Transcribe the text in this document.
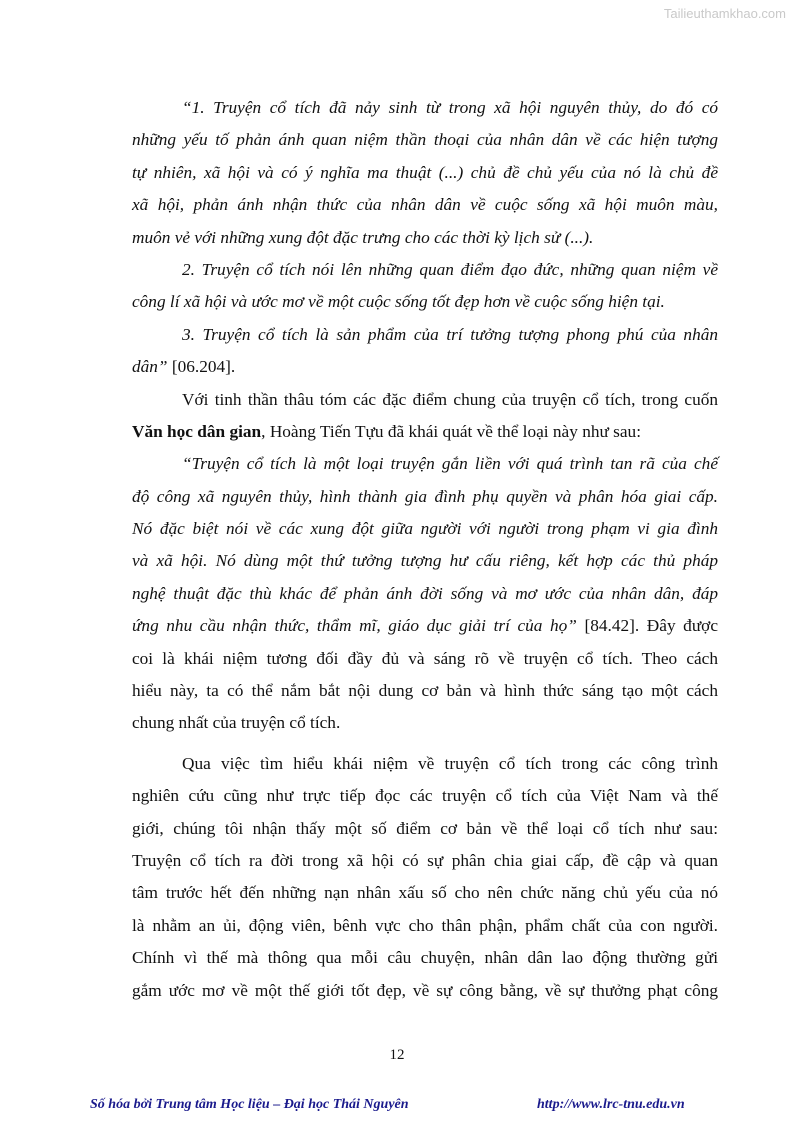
Tailieuthamkhao.com
“1. Truyện cổ tích đã nảy sinh từ trong xã hội nguyên thủy, do đó có
những yếu tố phản ánh quan niệm thần thoại của nhân dân về các hiện tượng
tự nhiên, xã hội và có ý nghĩa ma thuật (...) chủ đề chủ yếu của nó là chủ đề
xã hội, phản ánh nhận thức của nhân dân về cuộc sống xã hội muôn màu,
muôn vẻ với những xung đột đặc trưng cho các thời kỳ lịch sử (...).
2. Truyện cổ tích nói lên những quan điểm đạo đức, những quan niệm về
công lí xã hội và ước mơ về một cuộc sống tốt đẹp hơn về cuộc sống hiện tại.
3. Truyện cổ tích là sản phẩm của trí tưởng tượng phong phú của nhân
dân” [06.204].
Với tinh thần thâu tóm các đặc điểm chung của truyện cổ tích, trong cuốn
Văn học dân gian, Hoàng Tiến Tựu đã khái quát về thể loại này như sau:
“Truyện cổ tích là một loại truyện gắn liền với quá trình tan rã của chế
độ công xã nguyên thủy, hình thành gia đình phụ quyền và phân hóa giai cấp.
Nó đặc biệt nói về các xung đột giữa người với người trong phạm vi gia đình
và xã hội. Nó dùng một thứ tưởng tượng hư cấu riêng, kết hợp các thủ pháp
nghệ thuật đặc thù khác để phản ánh đời sống và mơ ước của nhân dân, đáp
ứng nhu cầu nhận thức, thẩm mĩ, giáo dục giải trí của họ” [84.42]. Đây được
coi là khái niệm tương đối đầy đủ và sáng rõ về truyện cổ tích. Theo cách
hiểu này, ta có thể nắm bắt nội dung cơ bản và hình thức sáng tạo một cách
chung nhất của truyện cổ tích.
Qua việc tìm hiểu khái niệm về truyện cổ tích trong các công trình
nghiên cứu cũng như trực tiếp đọc các truyện cổ tích của Việt Nam và thế
giới, chúng tôi nhận thấy một số điểm cơ bản về thể loại cổ tích như sau:
Truyện cổ tích ra đời trong xã hội có sự phân chia giai cấp, đề cập và quan
tâm trước hết đến những nạn nhân xấu số cho nên chức năng chủ yếu của nó
là nhằm an ủi, động viên, bênh vực cho thân phận, phẩm chất của con người.
Chính vì thế mà thông qua mỗi câu chuyện, nhân dân lao động thường gửi
gắm ước mơ về một thế giới tốt đẹp, về sự công bằng, về sự thưởng phạt công
12
Số hóa bởi Trung tâm Học liệu – Đại học Thái Nguyên	http://www.lrc-tnu.edu.vn
